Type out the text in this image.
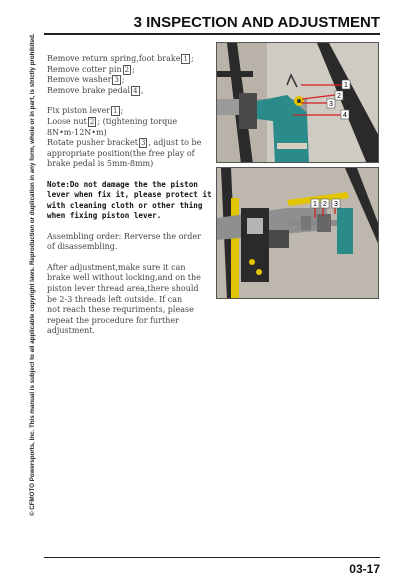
3 INSPECTION AND ADJUSTMENT
© CFMOTO Powersports, Inc. This manual is subject to all applicable copyright laws. Reproduction or duplication in any form, whole or in part, is strictly prohibited. Remove return spring,foot brake 1 ;
Remove cotter pin 2 ;
Remove washer 3 ;
Remove brake pedal 4 。
Fix piston lever 1 ;
Loose nut 2 ; (tightening torque
8N•m-12N•m)
Rotate pusher bracket 3 , adjust to be
appropriate position(the free play of
brake pedal is 5mm-8mm)
Note:Do not damage the the piston
lever when fix it, please protect it
with cleaning cloth or other thing
when fixing piston lever.
Assembling order: Rerverse the order
of disassembling.
After adjustment,make sure it can
brake well without locking,and on the
piston lever thread area,there should
be 2-3 threads left outside. If can
not reach these requriments, please
repeat the procedure for further
adjustment.
1
2
3
4
1 2 3
03-17
